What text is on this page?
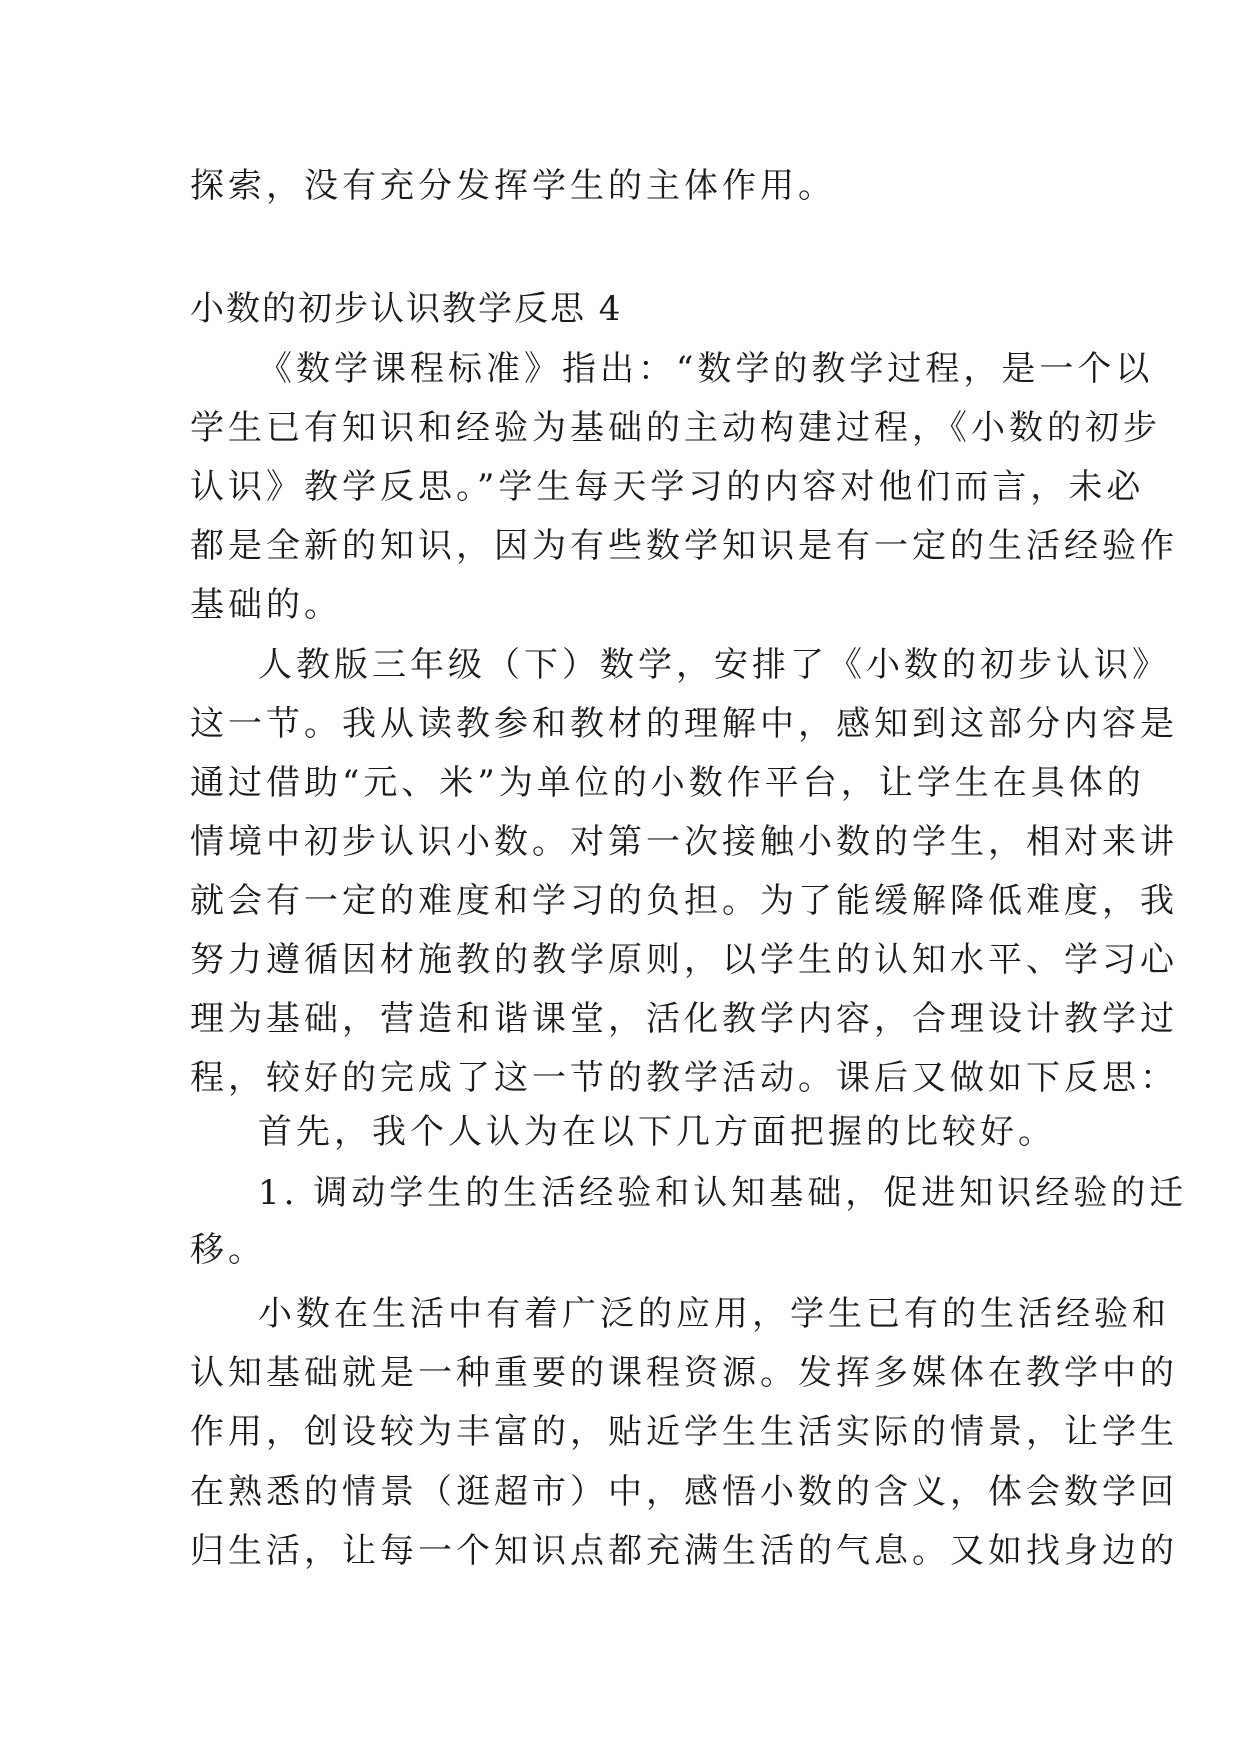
探索，没有充分发挥学生的主体作用。
小数的初步认识教学反思 4
《数学课程标准》指出：“数学的教学过程，是一个以
学生已有知识和经验为基础的主动构建过程，《小数的初步
认识》教学反思。”学生每天学习的内容对他们而言，未必
都是全新的知识，因为有些数学知识是有一定的生活经验作
基础的。
人教版三年级（下）数学，安排了《小数的初步认识》
这一节。我从读教参和教材的理解中，感知到这部分内容是
通过借助“元、米”为单位的小数作平台，让学生在具体的
情境中初步认识小数。对第一次接触小数的学生，相对来讲
就会有一定的难度和学习的负担。为了能缓解降低难度，我
努力遵循因材施教的教学原则，以学生的认知水平、学习心
理为基础，营造和谐课堂，活化教学内容，合理设计教学过
程，较好的完成了这一节的教学活动。课后又做如下反思：
首先，我个人认为在以下几方面把握的比较好。
1. 调动学生的生活经验和认知基础，促进知识经验的迁
移。
小数在生活中有着广泛的应用，学生已有的生活经验和
认知基础就是一种重要的课程资源。发挥多媒体在教学中的
作用，创设较为丰富的，贴近学生生活实际的情景，让学生
在熟悉的情景（逛超市）中，感悟小数的含义，体会数学回
归生活，让每一个知识点都充满生活的气息。又如找身边的
